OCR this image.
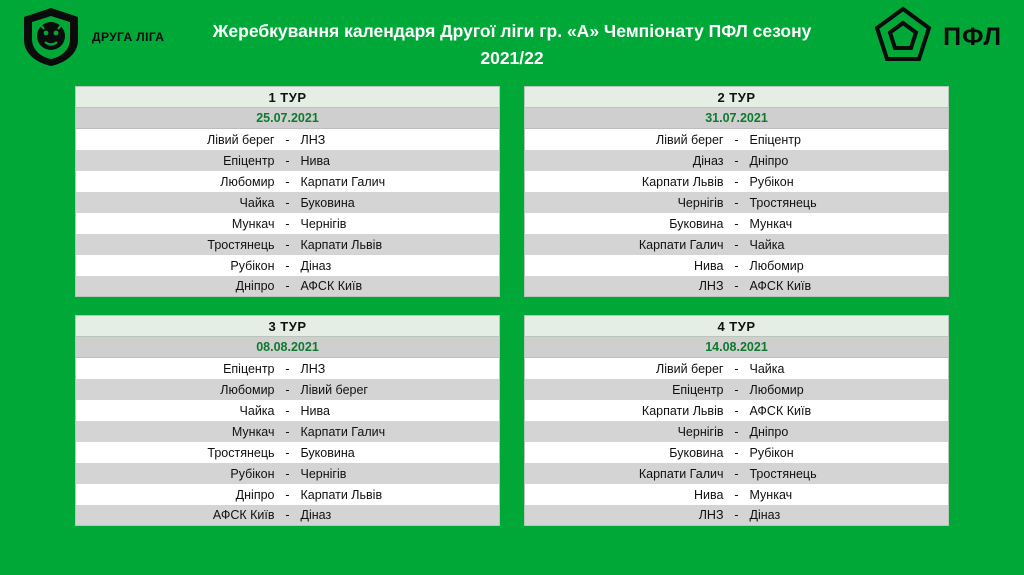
ДРУГА ЛІГА	Жеребкування календаря Другої ліги гр. «А» Чемпіонату ПФЛ сезону 2021/22
ПФЛ
1 ТУР
25.07.2021
Лівий берег - ЛНЗ
Епіцентр - Нива
Любомир - Карпати Галич
Чайка - Буковина
Мункач - Чернігів
Тростянець - Карпати Львів
Рубікон - Діназ
Дніпро - АФСК Київ
2 ТУР
31.07.2021
Лівий берег - Епіцентр
Діназ - Дніпро
Карпати Львів - Рубікон
Чернігів - Тростянець
Буковина - Мункач
Карпати Галич - Чайка
Нива - Любомир
ЛНЗ - АФСК Київ
3 ТУР
08.08.2021
Епіцентр - ЛНЗ
Любомир - Лівий берег
Чайка - Нива
Мункач - Карпати Галич
Тростянець - Буковина
Рубікон - Чернігів
Дніпро - Карпати Львів
АФСК Київ - Діназ
4 ТУР
14.08.2021
Лівий берег - Чайка
Епіцентр - Любомир
Карпати Львів - АФСК Київ
Чернігів - Дніпро
Буковина - Рубікон
Карпати Галич - Тростянець
Нива - Мункач
ЛНЗ - Діназ
